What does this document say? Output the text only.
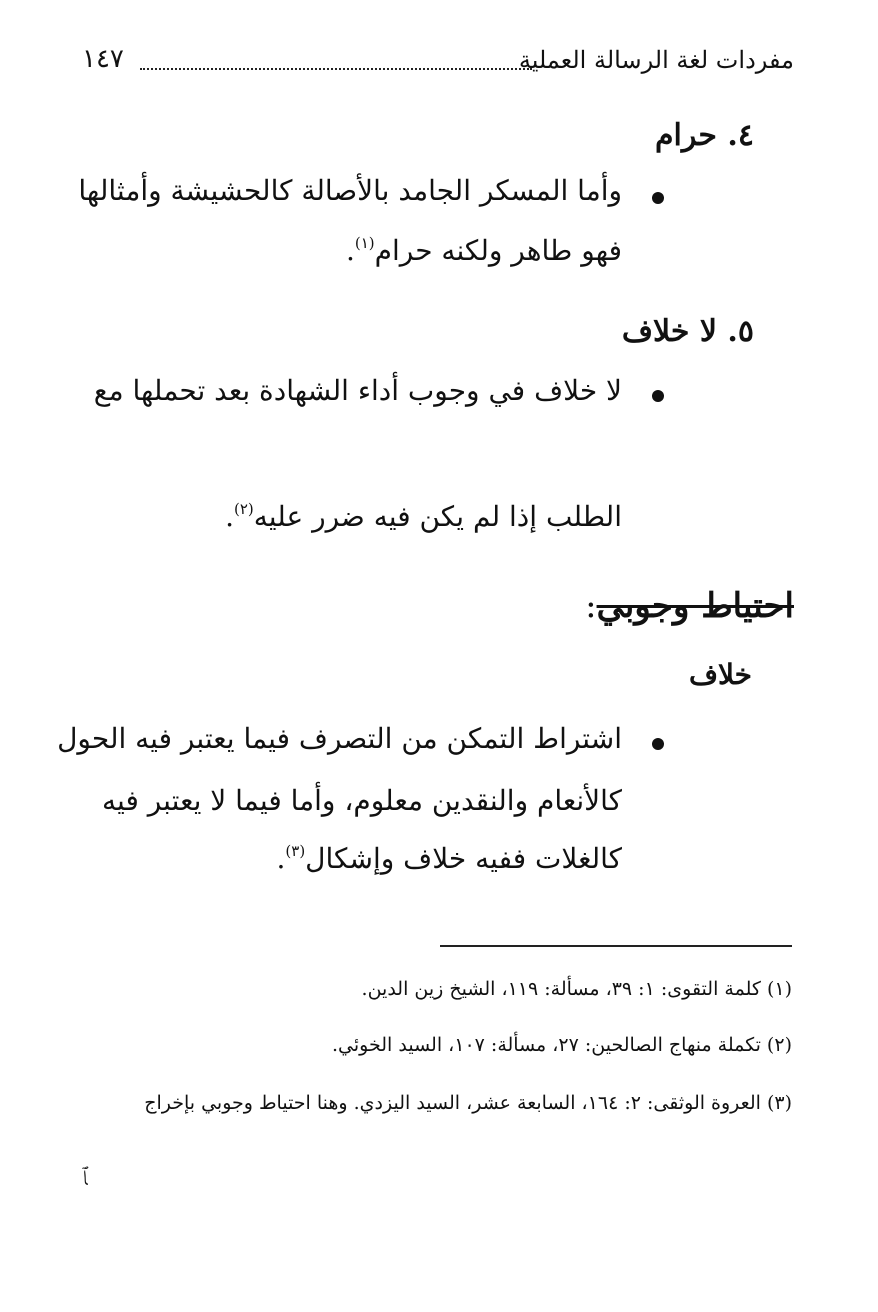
مفردات لغة الرسالة العملية
١٤٧
٤. حرام
وأما المسكر الجامد بالأصالة كالحشيشة وأمثالها
فهو طاهر ولكنه حرام$^{(١)}$.
٥. لا خلاف
لا خلاف في وجوب أداء الشهادة بعد تحملها مع
الطلب إذا لم يكن فيه ضرر عليه$^{(٢)}$.
احتياط وجوبي:
خلاف
اشتراط التمكن من التصرف فيما يعتبر فيه الحول
كالأنعام والنقدين معلوم، وأما فيما لا يعتبر فيه
كالغلات ففيه خلاف وإشكال$^{(٣)}$.
(١) كلمة التقوى: ١: ٣٩، مسألة: ١١٩، الشيخ زين الدين.
(٢) تكملة منهاج الصالحين: ٢٧، مسألة: ١٠٧، السيد الخوئي.
(٣) العروة الوثقى: ٢: ١٦٤، السابعة عشر، السيد اليزدي. وهنا احتياط وجوبي بإخراج
ﭑ
